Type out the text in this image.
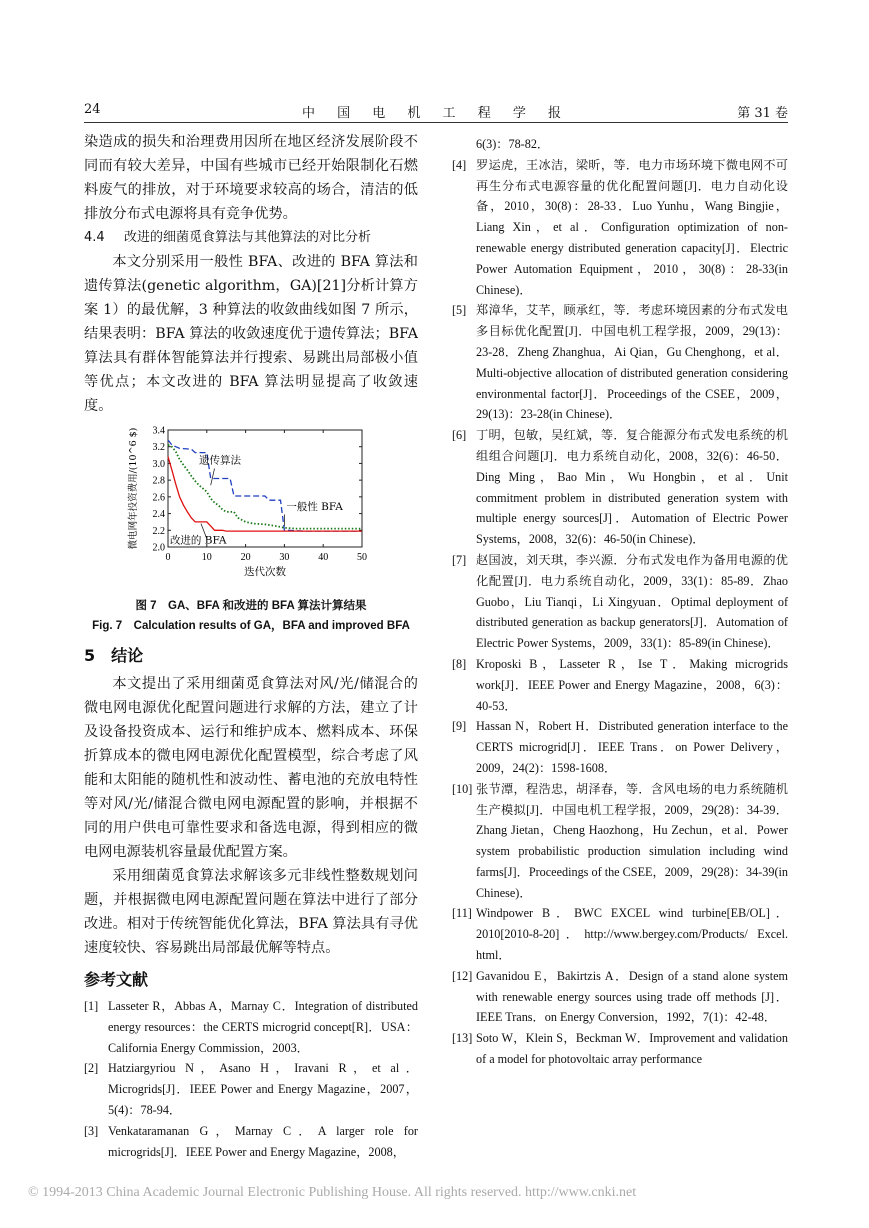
24	中 国 电 机 工 程 学 报	第 31 卷

染造成的损失和治理费用因所在地区经济发展阶段不同而有较大差异，中国有些城市已经开始限制化石燃料废气的排放，对于环境要求较高的场合，清洁的低排放分布式电源将具有竞争优势。

4.4 改进的细菌觅食算法与其他算法的对比分析

本文分别采用一般性 BFA、改进的 BFA 算法和遗传算法(genetic algorithm，GA)[21]分析计算方案 1）的最优解，3 种算法的收敛曲线如图 7 所示，结果表明：BFA 算法的收敛速度优于遗传算法；BFA 算法具有群体智能算法并行搜索、易跳出局部极小值等优点；本文改进的 BFA 算法明显提高了收敛速度。

2.0
2.2
2.4
2.6
2.8
3.0
3.2
3.4
0	10	20	30	40	50
迭代次数
微电网年投资费用/(10^6 $)	遗传算法
一般性 BFA
改进的 BFA
图 7　GA、BFA 和改进的 BFA 算法计算结果
Fig. 7　Calculation results of GA，BFA and improved BFA

5　结论

本文提出了采用细菌觅食算法对风/光/储混合的微电网电源优化配置问题进行求解的方法，建立了计及设备投资成本、运行和维护成本、燃料成本、环保折算成本的微电网电源优化配置模型，综合考虑了风能和太阳能的随机性和波动性、蓄电池的充放电特性等对风/光/储混合微电网电源配置的影响，并根据不同的用户供电可靠性要求和备选电源，得到相应的微电网电源装机容量最优配置方案。

采用细菌觅食算法求解该多元非线性整数规划问题，并根据微电网电源配置问题在算法中进行了部分改进。相对于传统智能优化算法，BFA 算法具有寻优速度较快、容易跳出局部最优解等特点。

参考文献

[1] Lasseter R，Abbas A，Marnay C．Integration of distributed energy resources：the CERTS microgrid concept[R]．USA：California Energy Commission，2003．
[2] Hatziargyriou N，Asano H，Iravani R，et al．Microgrids[J]．IEEE Power and Energy Magazine，2007，5(4)：78-94．
[3] Venkataramanan G，Marnay C．A larger role for microgrids[J]．IEEE Power and Energy Magazine，2008，
6(3)：78-82．
[4] 罗运虎，王冰洁，梁昕，等．电力市场环境下微电网不可再生分布式电源容量的优化配置问题[J]．电力自动化设备，2010，30(8)：28-33．Luo Yunhu，Wang Bingjie，Liang Xin，et al．Configuration optimization of non-renewable energy distributed generation capacity[J]．Electric Power Automation Equipment，2010，30(8)：28-33(in Chinese)．
[5] 郑漳华，艾芊，顾承红，等．考虑环境因素的分布式发电多目标优化配置[J]．中国电机工程学报，2009，29(13)：23-28．Zheng Zhanghua，Ai Qian，Gu Chenghong，et al．Multi-objective allocation of distributed generation considering environmental factor[J]．Proceedings of the CSEE，2009，29(13)：23-28(in Chinese)．
[6] 丁明，包敏，吴红斌，等．复合能源分布式发电系统的机组组合问题[J]．电力系统自动化，2008，32(6)：46-50．Ding Ming，Bao Min，Wu Hongbin，et al．Unit commitment problem in distributed generation system with multiple energy sources[J]．Automation of Electric Power Systems，2008，32(6)：46-50(in Chinese)．
[7] 赵国波，刘天琪，李兴源．分布式发电作为备用电源的优化配置[J]．电力系统自动化，2009，33(1)：85-89．Zhao Guobo，Liu Tianqi，Li Xingyuan．Optimal deployment of distributed generation as backup generators[J]．Automation of Electric Power Systems，2009，33(1)：85-89(in Chinese)．
[8] Kroposki B，Lasseter R，Ise T．Making microgrids work[J]．IEEE Power and Energy Magazine，2008，6(3)：40-53．
[9] Hassan N，Robert H．Distributed generation interface to the CERTS microgrid[J]．IEEE Trans．on Power Delivery，2009，24(2)：1598-1608．
[10] 张节潭，程浩忠，胡泽春，等．含风电场的电力系统随机生产模拟[J]．中国电机工程学报，2009，29(28)：34-39．Zhang Jietan，Cheng Haozhong，Hu Zechun，et al．Power system probabilistic production simulation including wind farms[J]．Proceedings of the CSEE，2009，29(28)：34-39(in Chinese)．
[11] Windpower B．BWC EXCEL wind turbine[EB/OL]．2010[2010-8-20]．http://www.bergey.com/Products/ Excel. html．
[12] Gavanidou E，Bakirtzis A．Design of a stand alone system with renewable energy sources using trade off methods [J]．IEEE Trans．on Energy Conversion，1992，7(1)：42-48．
[13] Soto W，Klein S，Beckman W．Improvement and validation of a model for photovoltaic array performance
© 1994-2013 China Academic Journal Electronic Publishing House. All rights reserved. http://www.cnki.net
